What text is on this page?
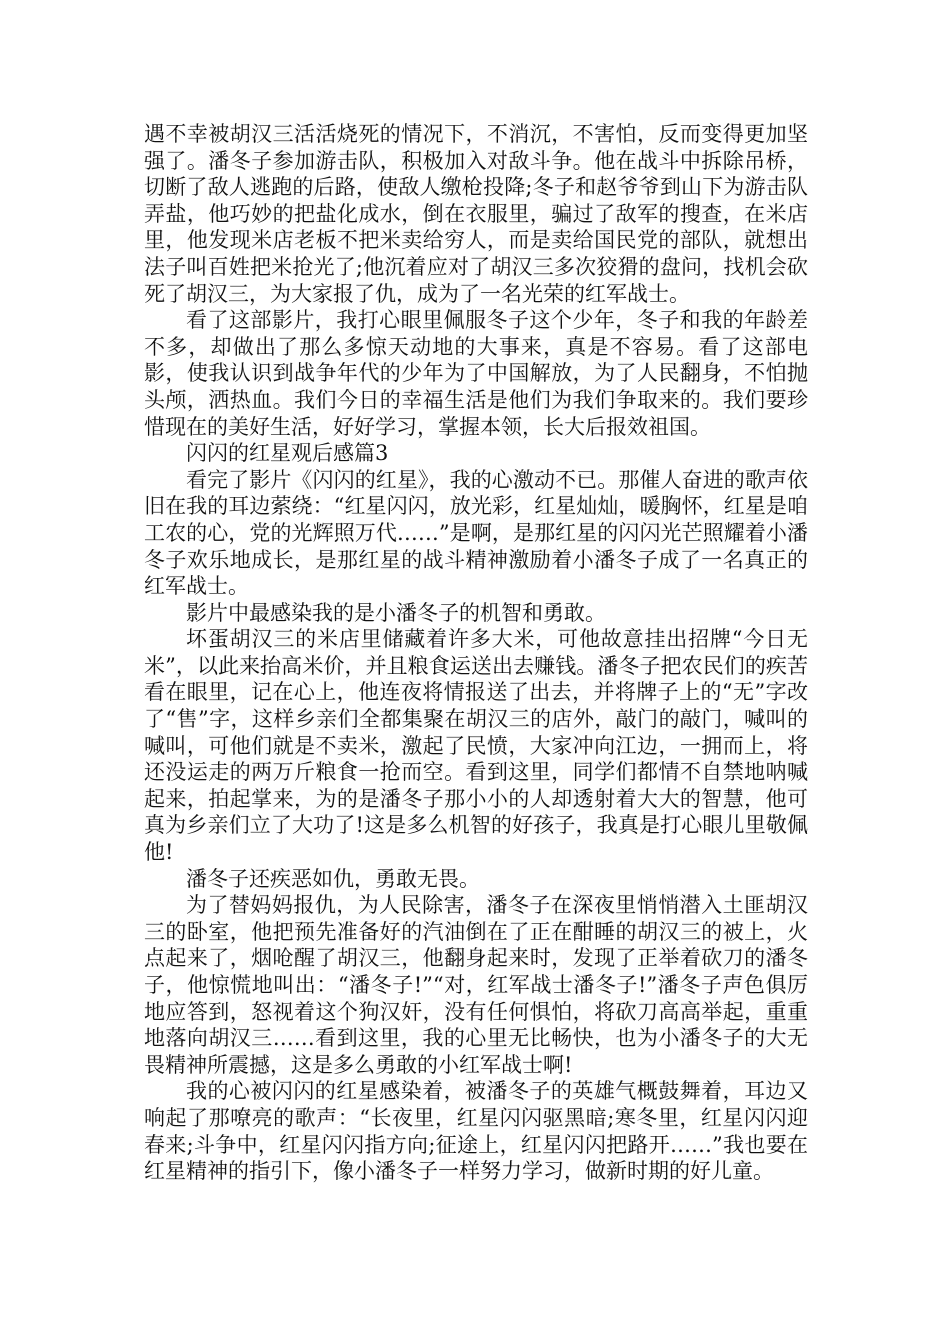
遇不幸被胡汉三活活烧死的情况下，不消沉，不害怕，反而变得更加坚强了。潘冬子参加游击队，积极加入对敌斗争。他在战斗中拆除吊桥，切断了敌人逃跑的后路，使敌人缴枪投降;冬子和赵爷爷到山下为游击队弄盐，他巧妙的把盐化成水，倒在衣服里，骗过了敌军的搜查，在米店里，他发现米店老板不把米卖给穷人，而是卖给国民党的部队，就想出法子叫百姓把米抢光了;他沉着应对了胡汉三多次狡猾的盘问，找机会砍死了胡汉三，为大家报了仇，成为了一名光荣的红军战士。

看了这部影片，我打心眼里佩服冬子这个少年，冬子和我的年龄差不多，却做出了那么多惊天动地的大事来，真是不容易。看了这部电影，使我认识到战争年代的少年为了中国解放，为了人民翻身，不怕抛头颅，洒热血。我们今日的幸福生活是他们为我们争取来的。我们要珍惜现在的美好生活，好好学习，掌握本领，长大后报效祖国。

闪闪的红星观后感篇3

看完了影片《闪闪的红星》，我的心激动不已。那催人奋进的歌声依旧在我的耳边萦绕：“红星闪闪，放光彩，红星灿灿，暖胸怀，红星是咱工农的心，党的光辉照万代……”是啊，是那红星的闪闪光芒照耀着小潘冬子欢乐地成长，是那红星的战斗精神激励着小潘冬子成了一名真正的红军战士。

影片中最感染我的是小潘冬子的机智和勇敢。

坏蛋胡汉三的米店里储藏着许多大米，可他故意挂出招牌“今日无米”，以此来抬高米价，并且粮食运送出去赚钱。潘冬子把农民们的疾苦看在眼里，记在心上，他连夜将情报送了出去，并将牌子上的“无”字改了“售”字，这样乡亲们全都集聚在胡汉三的店外，敲门的敲门，喊叫的喊叫，可他们就是不卖米，激起了民愤，大家冲向江边，一拥而上，将还没运走的两万斤粮食一抢而空。看到这里，同学们都情不自禁地呐喊起来，拍起掌来，为的是潘冬子那小小的人却透射着大大的智慧，他可真为乡亲们立了大功了!这是多么机智的好孩子，我真是打心眼儿里敬佩他!

潘冬子还疾恶如仇，勇敢无畏。

为了替妈妈报仇，为人民除害，潘冬子在深夜里悄悄潜入土匪胡汉三的卧室，他把预先准备好的汽油倒在了正在酣睡的胡汉三的被上，火点起来了，烟呛醒了胡汉三，他翻身起来时，发现了正举着砍刀的潘冬子，他惊慌地叫出：“潘冬子!”“对，红军战士潘冬子!”潘冬子声色俱厉地应答到，怒视着这个狗汉奸，没有任何惧怕，将砍刀高高举起，重重地落向胡汉三……看到这里，我的心里无比畅快，也为小潘冬子的大无畏精神所震撼，这是多么勇敢的小红军战士啊!

我的心被闪闪的红星感染着，被潘冬子的英雄气概鼓舞着，耳边又响起了那嘹亮的歌声：“长夜里，红星闪闪驱黑暗;寒冬里，红星闪闪迎春来;斗争中，红星闪闪指方向;征途上，红星闪闪把路开……”我也要在红星精神的指引下，像小潘冬子一样努力学习，做新时期的好儿童。
